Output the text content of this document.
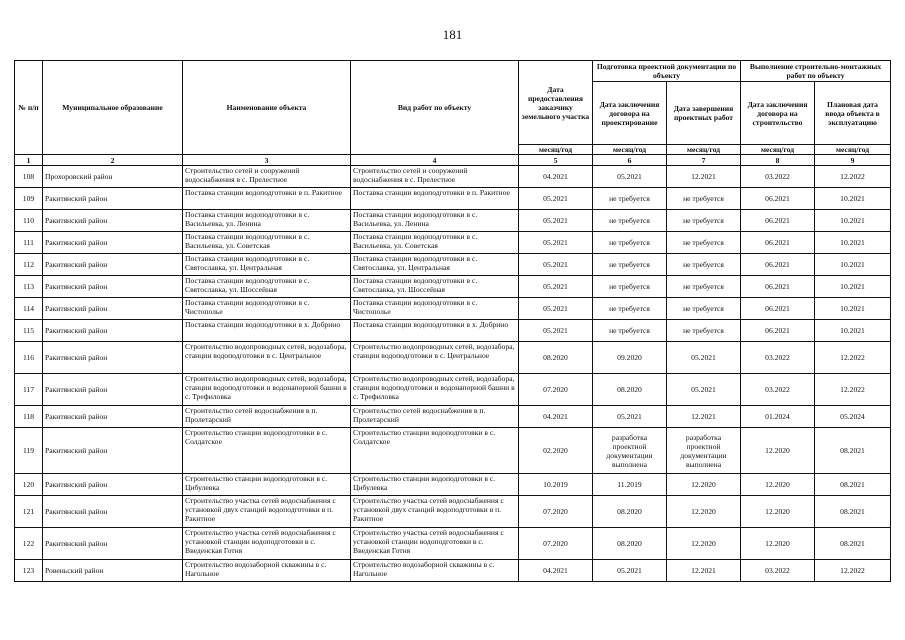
181
№ п/п	Муниципальное образование	Наименование объекта	Вид работ по объекту	Дата предоставления заказчику земельного участка	Подготовка проектной документации по объекту		Выполнение строительно-монтажных работ по объекту	
					Дата заключения договора на проектирование	Дата завершения проектных работ	Дата заключения договора на строительство	Плановая дата ввода объекта в эксплуатацию
				месяц/год	месяц/год	месяц/год	месяц/год	месяц/год
1	2	3	4	5	6	7	8	9
108	Прохоровский район	Строительство сетей и сооружений водоснабжения в с. Прелестное	Строительство сетей и сооружений водоснабжения в с. Прелестное	04.2021	05.2021	12.2021	03.2022	12.2022
109	Ракитянский район	Поставка станции водоподготовки в п. Ракитное	Поставка станции водоподготовки в п. Ракитное	05.2021	не требуется	не требуется	06.2021	10.2021
110	Ракитянский район	Поставка станции водоподготовки в с. Васильевка, ул. Ленина	Поставка станции водоподготовки в с. Васильевка, ул. Ленина	05.2021	не требуется	не требуется	06.2021	10.2021
111	Ракитянский район	Поставка станции водоподготовки в с. Васильевка, ул. Советская	Поставка станции водоподготовки в с. Васильевка, ул. Советская	05.2021	не требуется	не требуется	06.2021	10.2021
112	Ракитянский район	Поставка станции водоподготовки в с. Святославка, ул. Центральная	Поставка станции водоподготовки в с. Святославка, ул. Центральная	05.2021	не требуется	не требуется	06.2021	10.2021
113	Ракитянский район	Поставка станции водоподготовки в с. Святославка, ул. Шоссейная	Поставка станции водоподготовки в с. Святославка, ул. Шоссейная	05.2021	не требуется	не требуется	06.2021	10.2021
114	Ракитянский район	Поставка станции водоподготовки в с. Чистополье	Поставка станции водоподготовки в с. Чистополье	05.2021	не требуется	не требуется	06.2021	10.2021
115	Ракитянский район	Поставка станции водоподготовки в х. Добрино	Поставка станции водоподготовки в х. Добрино	05.2021	не требуется	не требуется	06.2021	10.2021
116	Ракитянский район	Строительство водопроводных сетей, водозабора, станции водоподготовки в с. Центральное	Строительство водопроводных сетей, водозабора, станции водоподготовки в с. Центральное	08.2020	09.2020	05.2021	03.2022	12.2022
117	Ракитянский район	Строительство водопроводных сетей, водозабора, станции водоподготовки и водонапорной башни в с. Трефиловка	Строительство водопроводных сетей, водозабора, станции водоподготовки и водонапорной башни в с. Трефиловка	07.2020	08.2020	05.2021	03.2022	12.2022
118	Ракитянский район	Строительство сетей водоснабжения в п. Пролетарский	Строительство сетей водоснабжения в п. Пролетарский	04.2021	05.2021	12.2021	01.2024	05.2024
119	Ракитянский район	Строительство станции водоподготовки в с. Солдатское	Строительство станции водоподготовки в с. Солдатское	02.2020	разработка проектной документации выполнена	разработка проектной документации выполнена	12.2020	08.2021
120	Ракитянский район	Строительство станции водоподготовки в с. Цибулевка	Строительство станции водоподготовки в с. Цибулевка	10.2019	11.2019	12.2020	12.2020	08.2021
121	Ракитянский район	Строительство участка сетей водоснабжения с установкой двух станций водоподготовки в п. Ракитное	Строительство участка сетей водоснабжения с установкой двух станций водоподготовки в п. Ракитное	07.2020	08.2020	12.2020	12.2020	08.2021
122	Ракитянский район	Строительство участка сетей водоснабжения с установкой станции водоподготовки в с. Введенская Готня	Строительство участка сетей водоснабжения с установкой станции водоподготовки в с. Введенская Готня	07.2020	08.2020	12.2020	12.2020	08.2021
123	Ровеньский район	Строительство водозаборной скважины в с. Нагольное	Строительство водозаборной скважины в с. Нагольное	04.2021	05.2021	12.2021	03.2022	12.2022
